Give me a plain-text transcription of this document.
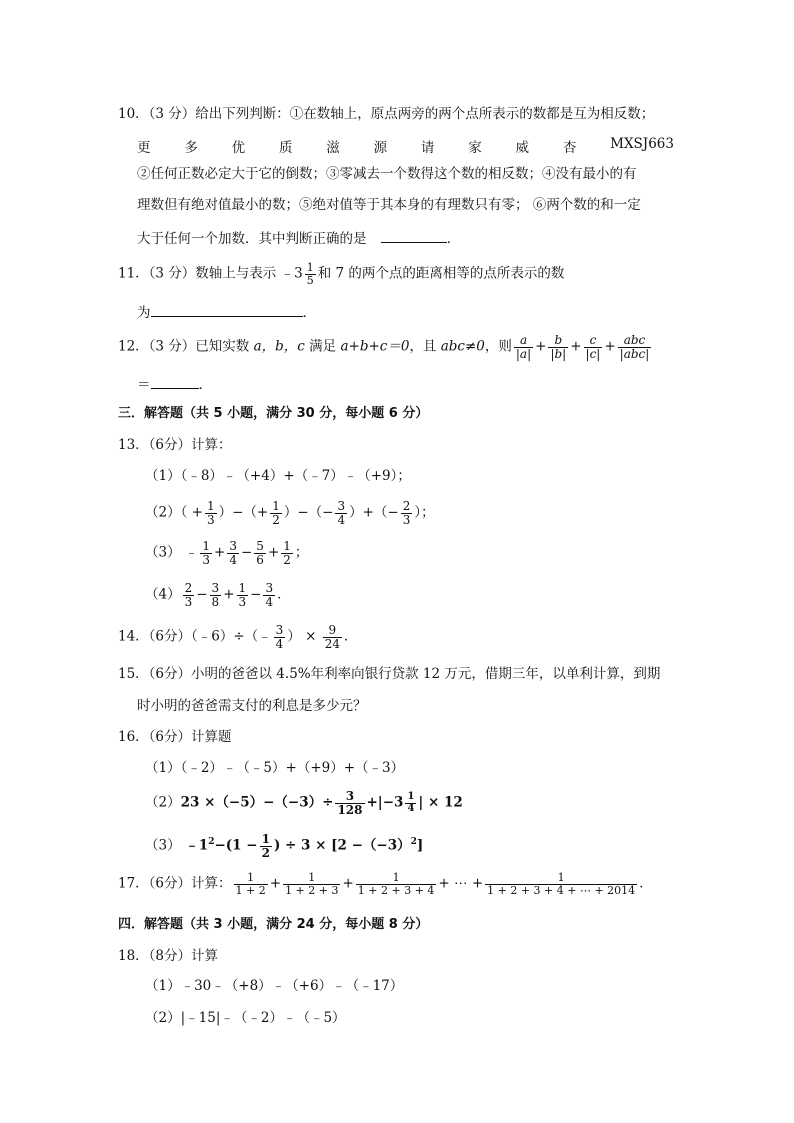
10．（3 分）给出下列判断：①在数轴上，原点两旁的两个点所表示的数都是互为相反数；
更	多	优	质	滋	源	请	家	威	杏	MXSJ663
②任何正数必定大于它的倒数；③零减去一个数得这个数的相反数；④没有最小的有
理数但有绝对值最小的数；⑤绝对值等于其本身的有理数只有零； ⑥两个数的和一定
大于任何一个加数．其中判断正确的是	．
11．（3 分）数轴上与表示 ﹣3 $\frac{1}{5}$ 和 7 的两个点的距离相等的点所表示的数
为	．
12．（3 分）已知实数 a，b，c 满足 a+b+c＝0，且 abc≠0，则 $\frac{a}{|a|} + \frac{b}{|b|} + \frac{c}{|c|} + \frac{\text{abc}}{\text{|abc|}}$
＝	．
三．解答题（共 5 小题，满分 30 分，每小题 6 分）
13．（6分）计算：
（1）（﹣8）﹣（+4）+（﹣7）﹣（+9）；
$(2)( + \frac{1}{3}$ ）−（+ $\frac{1}{2}$ ）−（− $\frac{3}{4}$ ）+（− $\frac{2}{3}$ ）；
（3） ﹣ $\frac{1}{3} + \frac{3}{4} - \frac{5}{6} + \frac{1}{2}$ ；
$(4) \frac{2}{3} - \frac{3}{8} + \frac{1}{3} - \frac{3}{4}$ ．
14．（6分）（﹣6）÷（﹣ $\frac{3}{4}$ ） × $\frac{9}{24}$ ．
15．（6分）小明的爸爸以 4.5%年利率向银行贷款 12 万元，借期三年，以单利计算，到期
时小明的爸爸需支付的利息是多少元？
16．（6分）计算题
（1）（﹣2）﹣（﹣5）+（+9）+（﹣3）
$(2)23 \times(-5)-(-3)\div \frac{3}{128} +|-3 \frac{1}{4}$ | × 12
（3） $﹣1^2-(1 - \frac{1}{2}$ ) ÷ $3 \times [2 -(-3)^2]$
17．（6分）计算： $\frac{1}{1 + 2} + \frac{1}{1 + 2 + 3} + \frac{1}{1 + 2 + 3 + 4}$ + ⋯ + $\frac{1}{1 + 2 + 3 + 4 + \cdots + 2014}$ ．
四．解答题（共 3 小题，满分 24 分，每小题 8 分）
18．（8分）计算
（1）﹣30﹣（+8）﹣（+6）﹣（﹣17）
（2）|﹣15|﹣（﹣2）﹣（﹣5）
